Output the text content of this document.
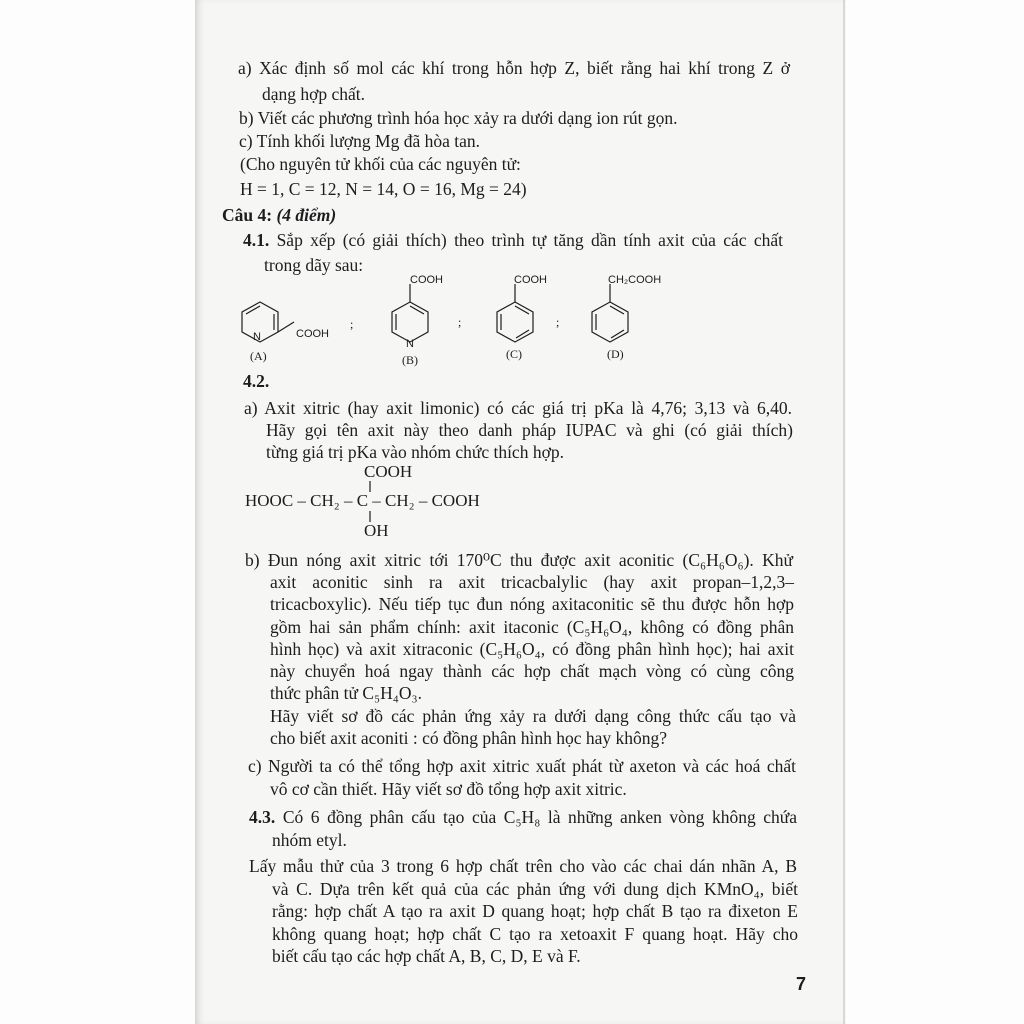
a) Xác định số mol các khí trong hỗn hợp Z, biết rằng hai khí trong Z ở
dạng hợp chất.
b) Viết các phương trình hóa học xảy ra dưới dạng ion rút gọn.
c) Tính khối lượng Mg đã hòa tan.
(Cho nguyên tử khối của các nguyên tử:
H = 1, C = 12, N = 14, O = 16, Mg = 24)
Câu 4: (4 điểm)
4.1. Sắp xếp (có giải thích) theo trình tự tăng dần tính axit của các chất
trong dãy sau:
N	COOH
(A)
;
N
COOH
(B)
;
COOH
(C)
;
CH₂COOH
(D)
4.2.
a) Axit xitric (hay axit limonic) có các giá trị pKa là 4,76; 3,13 và 6,40.
Hãy gọi tên axit này theo danh pháp IUPAC và ghi (có giải thích)
từng giá trị pKa vào nhóm chức thích hợp.
COOH
HOOC – CH₂ – C – CH₂ – COOH
OH
b) Đun nóng axit xitric tới 170⁰C thu được axit aconitic (C₆H₆O₆). Khử
axit aconitic sinh ra axit tricacbalylic (hay axit propan–1,2,3–
tricacboxylic). Nếu tiếp tục đun nóng axitaconitic sẽ thu được hỗn hợp
gồm hai sản phẩm chính: axit itaconic (C₅H₆O₄, không có đồng phân
hình học) và axit xitraconic (C₅H₆O₄, có đồng phân hình học); hai axit
này chuyển hoá ngay thành các hợp chất mạch vòng có cùng công
thức phân tử C₅H₄O₃.
Hãy viết sơ đồ các phản ứng xảy ra dưới dạng công thức cấu tạo và
cho biết axit aconiti : có đồng phân hình học hay không?
c) Người ta có thể tổng hợp axit xitric xuất phát từ axeton và các hoá chất
vô cơ cần thiết. Hãy viết sơ đồ tổng hợp axit xitric.
4.3. Có 6 đồng phân cấu tạo của C₅H₈ là những anken vòng không chứa
nhóm etyl.
Lấy mẫu thử của 3 trong 6 hợp chất trên cho vào các chai dán nhãn A, B
và C. Dựa trên kết quả của các phản ứng với dung dịch KMnO₄, biết
rằng: hợp chất A tạo ra axit D quang hoạt; hợp chất B tạo ra đixeton E
không quang hoạt; hợp chất C tạo ra xetoaxit F quang hoạt. Hãy cho
biết cấu tạo các hợp chất A, B, C, D, E và F.
7
